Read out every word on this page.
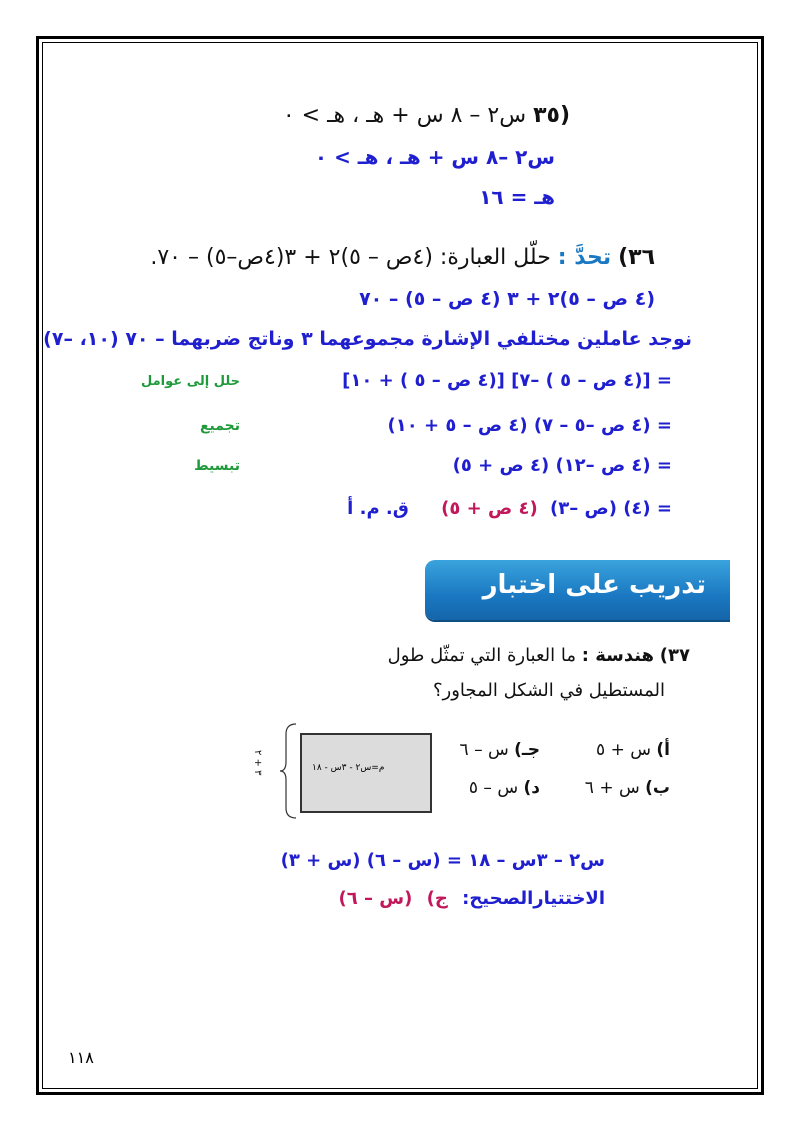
(٣٥ س٢ – ٨ س + هـ ، هـ > ٠
س٢ –٨ س + هـ ، هـ > ٠
هـ = ١٦
٣٦) تحدَّ : حلّل العبارة: (٤ص – ٥)٢ + ٣(٤ص–٥) – ٧٠.
(٤ ص – ٥)٢ + ٣ (٤ ص – ٥) – ٧٠
نوجد عاملين مختلفي الإشارة مجموعهما ٣ وناتج ضربهما – ٧٠ (١٠، –٧)
= [(٤ ص – ٥ ) –٧] [(٤ ص – ٥ ) + ١٠]
حلل إلى عوامل
= (٤ ص –٥ – ٧) (٤ ص – ٥ + ١٠)
تجميع
= (٤ ص –١٢) (٤ ص + ٥)
تبسيط
= (٤) (ص –٣) (٤ ص + ٥) ق. م. أ
تدريب على اختبار
٣٧) هندسة : ما العبارة التي تمثّل طول
المستطيل في الشكل المجاور؟
أ) س + ٥
جـ) س – ٦
ب) س + ٦
د) س – ٥
٣ + ٢	م=س٢ - ٣س - ١٨
س٢ – ٣س – ١٨ = (س – ٦) (س + ٣)
الاختتيارالصحيح: ج) (س – ٦)
١١٨
